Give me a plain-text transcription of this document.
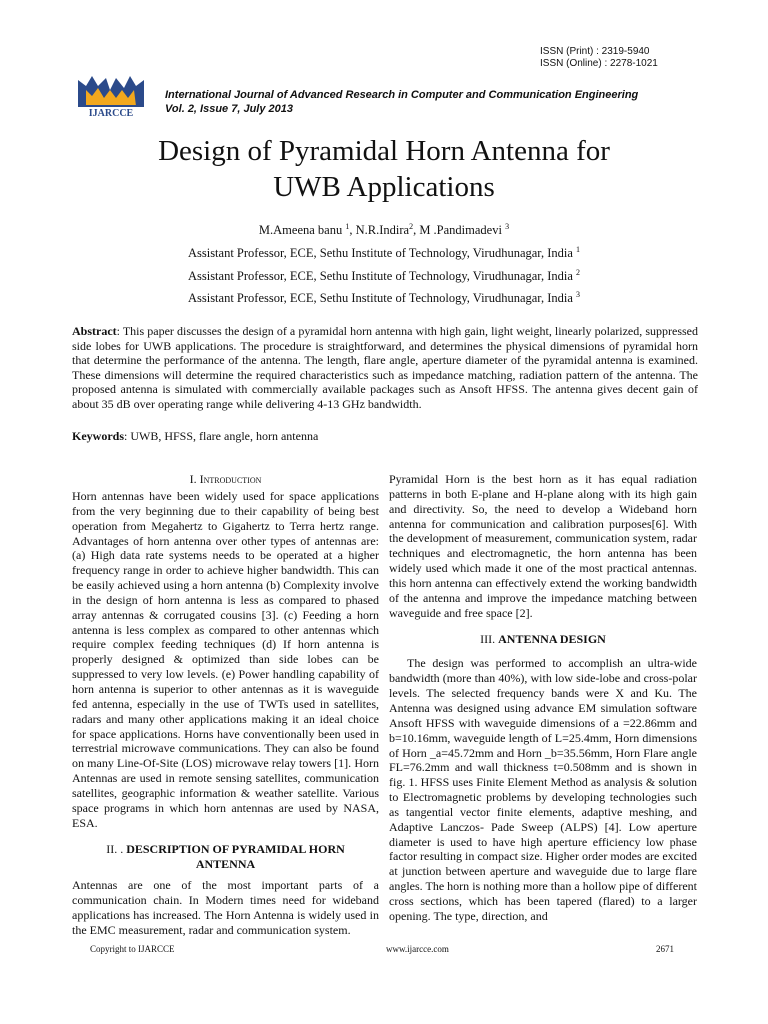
ISSN (Print) : 2319-5940
ISSN (Online) : 2278-1021
IJARCCE
International Journal of Advanced Research in Computer and Communication Engineering
Vol. 2, Issue 7, July 2013
Design of Pyramidal Horn Antenna for
UWB Applications
M.Ameena banu $^1$, N.R.Indira$^2$, M .Pandimadevi $^3$
Assistant Professor, ECE, Sethu Institute of Technology, Virudhunagar, India $^1$
Assistant Professor, ECE, Sethu Institute of Technology, Virudhunagar, India $^2$
Assistant Professor, ECE, Sethu Institute of Technology, Virudhunagar, India $^3$
Abstract: This paper discusses the design of a pyramidal horn antenna with high gain, light weight, linearly polarized, suppressed side lobes for UWB applications. The procedure is straightforward, and determines the physical dimensions of pyramidal horn that determine the performance of the antenna. The length, flare angle, aperture diameter of the pyramidal antenna is examined. These dimensions will determine the required characteristics such as impedance matching, radiation pattern of the antenna. The proposed antenna is simulated with commercially available packages such as Ansoft HFSS. The antenna gives decent gain of about 35 dB over operating range while delivering 4-13 GHz bandwidth.
Keywords: UWB, HFSS, flare angle, horn antenna

I. Introduction

Horn antennas have been widely used for space applications from the very beginning due to their capability of being best operation from Megahertz to Gigahertz to Terra hertz range. Advantages of horn antenna over other types of antennas are: (a) High data rate systems needs to be operated at a higher frequency range in order to achieve higher bandwidth. This can be easily achieved using a horn antenna (b) Complexity involve in the design of horn antenna is less as compared to phased array antennas & corrugated cousins [3]. (c) Feeding a horn antenna is less complex as compared to other antennas which require complex feeding techniques (d) If horn antenna is properly designed & optimized than side lobes can be suppressed to very low levels. (e) Power handling capability of horn antenna is superior to other antennas as it is waveguide fed antenna, especially in the use of TWTs used in satellites, radars and many other applications making it an ideal choice for space applications. Horns have conventionally been used in terrestrial microwave communications. They can also be found on many Line-Of-Site (LOS) microwave relay towers [1]. Horn Antennas are used in remote sensing satellites, communication satellites, geographic information & weather satellite. Various space programs in which horn antennas are used by NASA, ESA.

II. . DESCRIPTION OF PYRAMIDAL HORN
ANTENNA

Antennas are one of the most important parts of a communication chain. In Modern times need for wideband applications has increased. The Horn Antenna is widely used in the EMC measurement, radar and communication system.

Pyramidal Horn is the best horn as it has equal radiation patterns in both E-plane and H-plane along with its high gain and directivity. So, the need to develop a Wideband horn antenna for communication and calibration purposes[6]. With the development of measurement, communication system, radar techniques and electromagnetic, the horn antenna has been widely used which made it one of the most practical antennas. this horn antenna can effectively extend the working bandwidth of the antenna and improve the impedance matching between waveguide and free space [2].

III. ANTENNA DESIGN

The design was performed to accomplish an ultra-wide bandwidth (more than 40%), with low side-lobe and cross-polar levels. The selected frequency bands were X and Ku. The Antenna was designed using advance EM simulation software Ansoft HFSS with waveguide dimensions of a =22.86mm and b=10.16mm, waveguide length of L=25.4mm, Horn dimensions of Horn _a=45.72mm and Horn _b=35.56mm, Horn Flare angle FL=76.2mm and wall thickness t=0.508mm and is shown in fig. 1. HFSS uses Finite Element Method as analysis & solution to Electromagnetic problems by developing technologies such as tangential vector finite elements, adaptive meshing, and Adaptive Lanczos- Pade Sweep (ALPS) [4]. Low aperture diameter is used to have high aperture efficiency low phase factor resulting in compact size. Higher order modes are excited at junction between aperture and waveguide due to large flare angles. The horn is nothing more than a hollow pipe of different cross sections, which has been tapered (flared) to a larger opening. The type, direction, and

Copyright to IJARCCE	www.ijarcce.com	2671
